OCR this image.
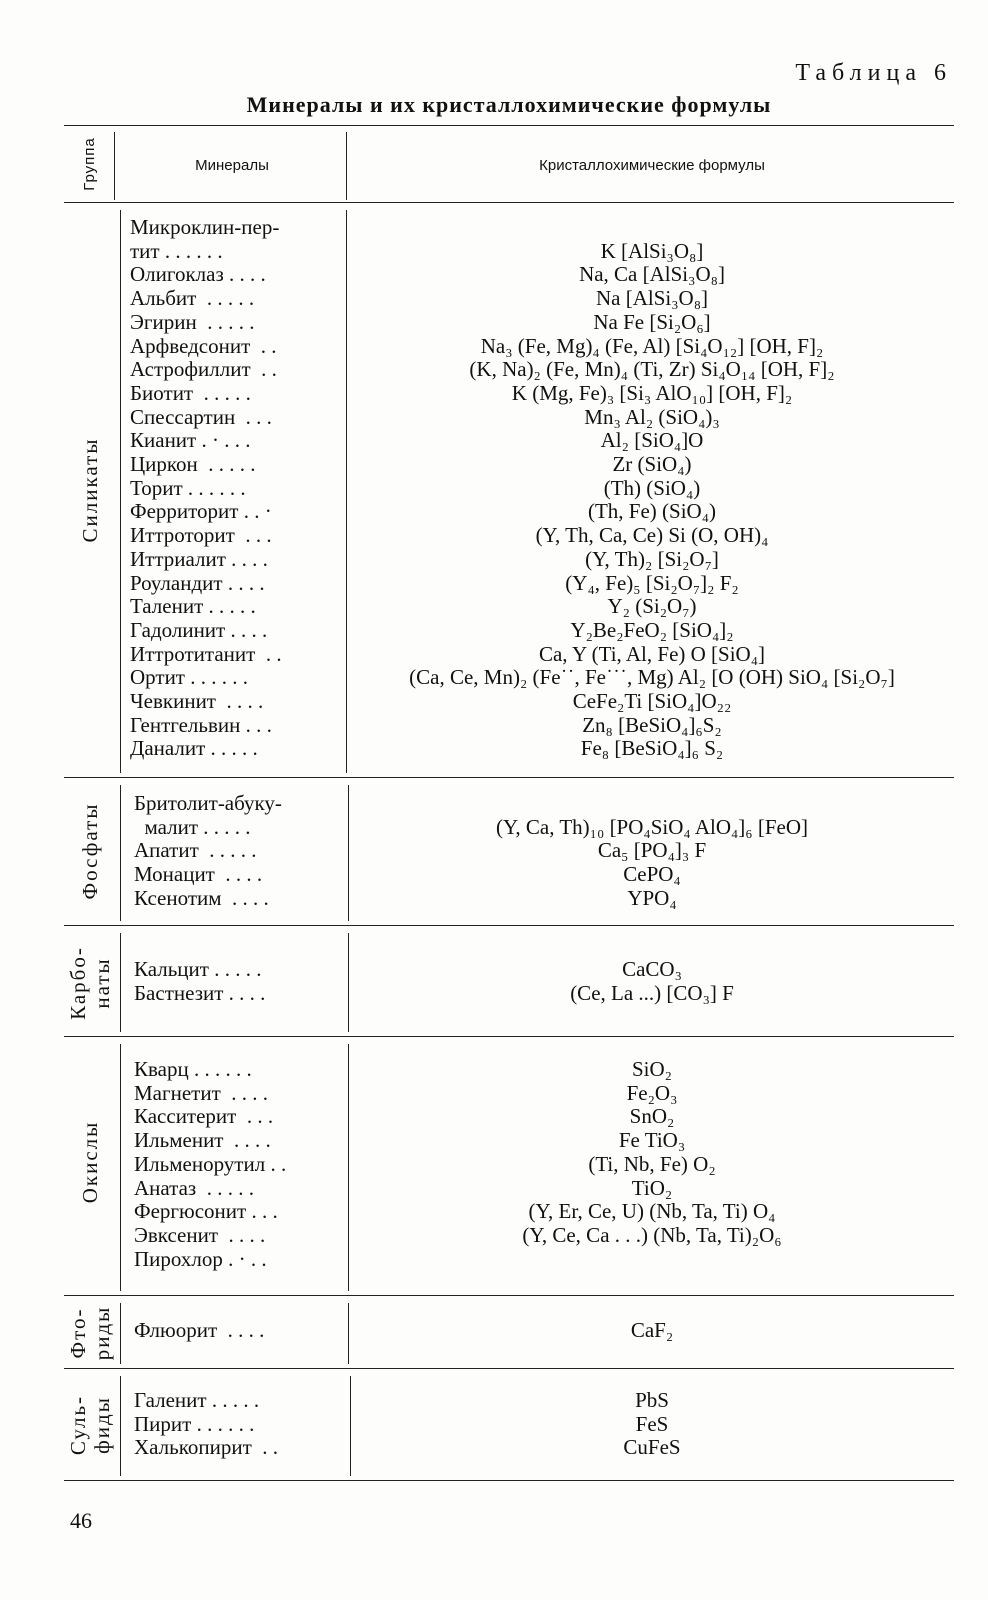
Таблица 6
Минералы и их кристаллохимические формулы
Группа	Минералы	Кристаллохимические формулы
Силикаты
Фосфаты
Карбо-
наты
Окислы
Фто-
риды
Суль-
фиды
Микроклин-пер-
тит . . . . . .
Олигоклаз . . . .
Альбит  . . . . .
Эгирин  . . . . .
Арфведсонит  . .
Астрофиллит  . .
Биотит  . . . . .
Спессартин  . . .
Кианит . · . . .
Циркон  . . . . .
Торит . . . . . .
Ферриторит . . ·
Иттроторит  . . .
Иттриалит . . . .
Роуландит . . . .
Таленит . . . . .
Гадолинит . . . .
Иттротитанит  . .
Ортит . . . . . .
Чевкинит  . . . .
Гентгельвин . . .
Даналит . . . . .
Бритолит-абуку-
малит . . . . .
Апатит  . . . . .
Монацит  . . . .
Ксенотим  . . . .
Кальцит . . . . .
Бастнезит . . . .
Кварц . . . . . .
Магнетит  . . . .
Касситерит  . . .
Ильменит  . . . .
Ильменорутил . .
Анатаз  . . . . .
Фергюсонит . . .
Эвксенит  . . . .
Пирохлор . · . .
Флюорит  . . . .
Галенит . . . . .
Пирит . . . . . .
Халькопирит  . .

K [AlSi₃O₈]
Na, Ca [AlSi₃O₈]
Na [AlSi₃O₈]
Na Fe [Si₂O₆]
Na₃ (Fe, Mg)₄ (Fe, Al) [Si₄O₁₂] [OH, F]₂
(K, Na)₂ (Fe, Mn)₄ (Ti, Zr) Si₄O₁₄ [OH, F]₂
K (Mg, Fe)₃ [Si₃ AlO₁₀] [OH, F]₂
Mn₃ Al₂ (SiO₄)₃
Al₂ [SiO₄]O
Zr (SiO₄)
(Th) (SiO₄)
(Th, Fe) (SiO₄)
(Y, Th, Ca, Ce) Si (O, OH)₄
(Y, Th)₂ [Si₂O₇]
(Y₄, Fe)₅ [Si₂O₇]₂ F₂
Y₂ (Si₂O₇)
Y₂Be₂FeO₂ [SiO₄]₂
Ca, Y (Ti, Al, Fe) O [SiO₄]
(Ca, Ce, Mn)₂ (Fe˙˙, Fe˙˙˙, Mg) Al₂ [O (OH) SiO₄ [Si₂O₇]
CeFe₂Ti [SiO₄]O₂₂
Zn₈ [BeSiO₄]₆S₂
Fe₈ [BeSiO₄]₆ S₂

(Y, Ca, Th)₁₀ [PO₄SiO₄ AlO₄]₆ [FeO]
Ca₅ [PO₄]₃ F
CePO₄
YPO₄
CaCO₃
(Ce, La ...) [CO₃] F
SiO₂
Fe₂O₃
SnO₂
Fe TiO₃
(Ti, Nb, Fe) O₂
TiO₂
(Y, Er, Ce, U) (Nb, Ta, Ti) O₄
(Y, Ce, Ca . . .) (Nb, Ta, Ti)₂O₆

CaF₂
PbS
FeS
CuFeS
46
